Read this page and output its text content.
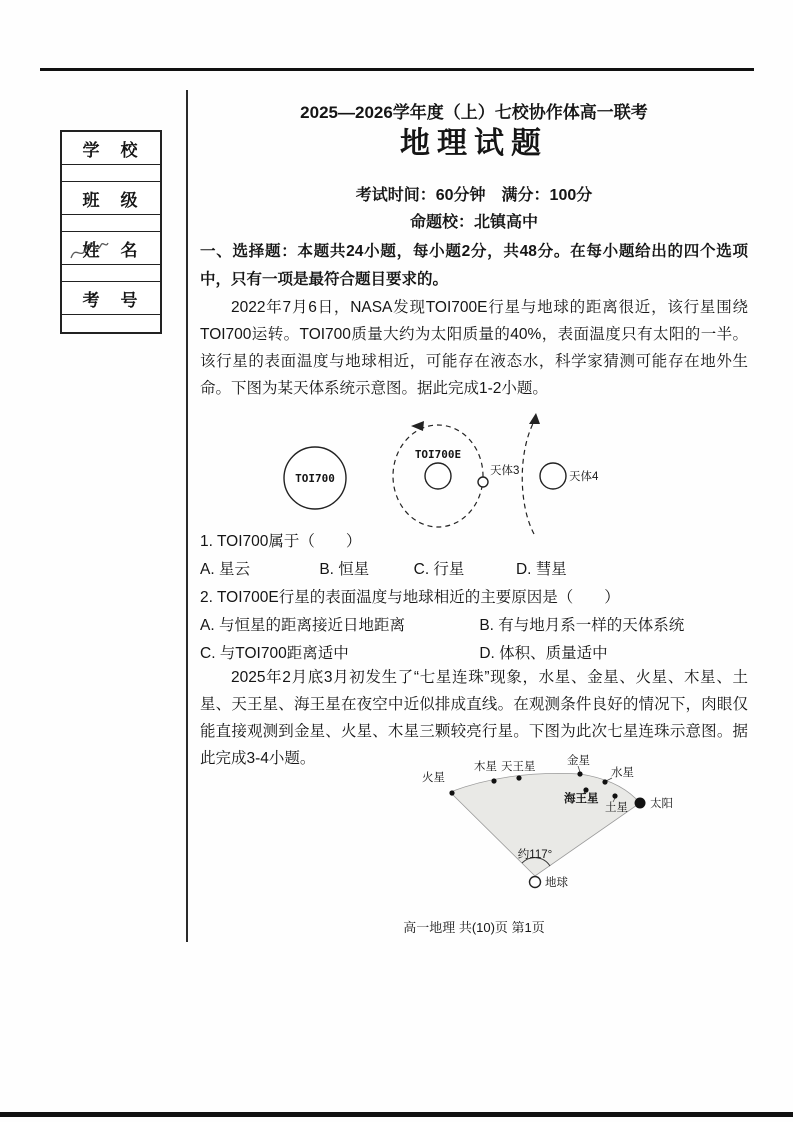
学　校
班　级
姓　名
考　号
2025—2026学年度（上）七校协作体高一联考
地理试题
考试时间：60分钟　满分：100分
命题校：北镇高中
一、选择题：本题共24小题，每小题2分，共48分。在每小题给出的四个选项中，只有一项是最符合题目要求的。
2022年7月6日，NASA发现TOI700E行星与地球的距离很近，该行星围绕TOI700运转。TOI700质量大约为太阳质量的40%，表面温度只有太阳的一半。该行星的表面温度与地球相近，可能存在液态水，科学家猜测可能存在地外生命。下图为某天体系统示意图。据此完成1-2小题。
TOI700
TOI700E
天体3	天体4
1. TOI700属于（　　）
A. 星云	B. 恒星	C. 行星	D. 彗星
2. TOI700E行星的表面温度与地球相近的主要原因是（　　）
A. 与恒星的距离接近日地距离	B. 有与地月系一样的天体系统
C. 与TOI700距离适中	D. 体积、质量适中
2025年2月底3月初发生了“七星连珠”现象，水星、金星、火星、木星、土星、天王星、海王星在夜空中近似排成直线。在观测条件良好的情况下，肉眼仅能直接观测到金星、火星、木星三颗较亮行星。下图为此次七星连珠示意图。据此完成3-4小题。
约117°
火星
木星 天王星	金星
水星
海王星
土星 太阳
地球
高一地理 共(10)页 第1页
